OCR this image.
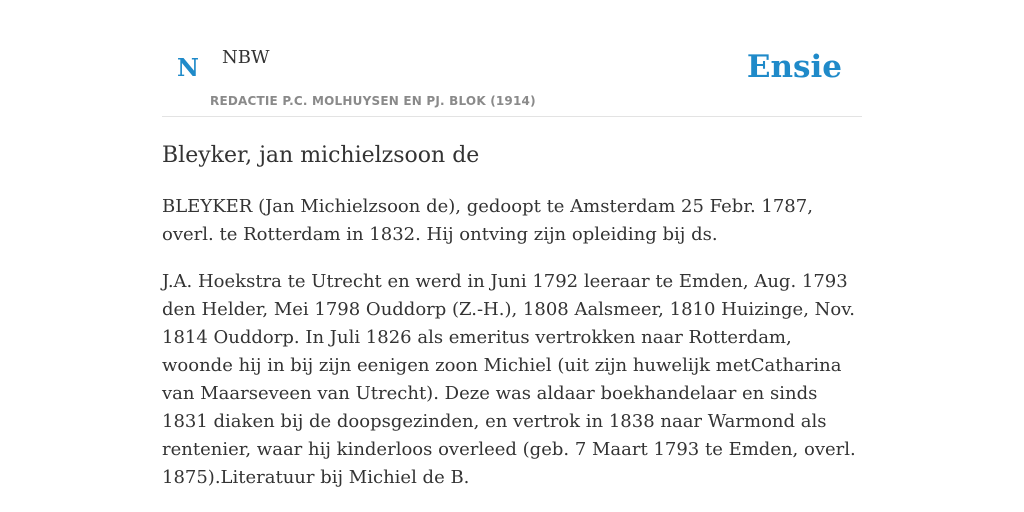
N NBW
REDACTIE P.C. MOLHUYSEN EN PJ. BLOK (1914)
Ensie
Bleyker, jan michielzsoon de

BLEYKER (Jan Michielzsoon de), gedoopt te Amsterdam 25 Febr. 1787, overl. te Rotterdam in 1832. Hij ontving zijn opleiding bij ds.

J.A. Hoekstra te Utrecht en werd in Juni 1792 leeraar te Emden, Aug. 1793 den Helder, Mei 1798 Ouddorp (Z.-H.), 1808 Aalsmeer, 1810 Huizinge, Nov. 1814 Ouddorp. In Juli 1826 als emeritus vertrokken naar Rotterdam, woonde hij in bij zijn eenigen zoon Michiel (uit zijn huwelijk metCatharina van Maarseveen van Utrecht). Deze was aldaar boekhandelaar en sinds 1831 diaken bij de doopsgezinden, en vertrok in 1838 naar Warmond als rentenier, waar hij kinderloos overleed (geb. 7 Maart 1793 te Emden, overl. 1875).Literatuur bij Michiel de B.
